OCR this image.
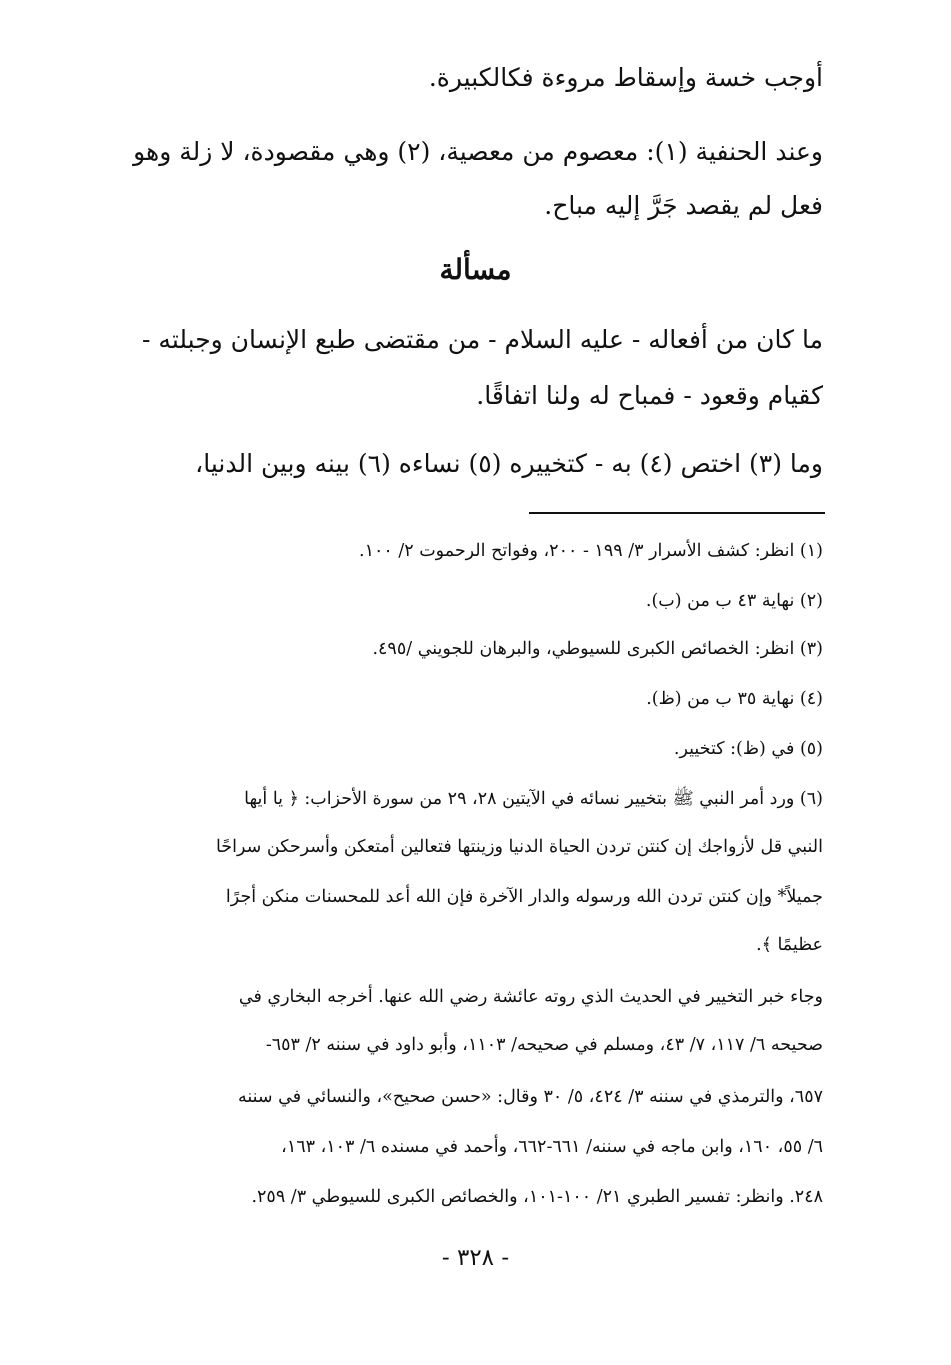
أوجب خسة وإسقاط مروءة فكالكبيرة.
وعند الحنفية (١): معصوم من معصية، (٢) وهي مقصودة، لا زلة وهو
فعل لم يقصد جَرَّ إليه مباح.
مسألة
ما كان من أفعاله - عليه السلام - من مقتضى طبع الإنسان وجبلته -
كقيام وقعود - فمباح له ولنا اتفاقًا.
وما (٣) اختص (٤) به - كتخييره (٥) نساءه (٦) بينه وبين الدنيا،
(١) انظر: كشف الأسرار ٣/ ١٩٩ - ٢٠٠، وفواتح الرحموت ٢/ ١٠٠.
(٢) نهاية ٤٣ ب من (ب).
(٣) انظر: الخصائص الكبرى للسيوطي، والبرهان للجويني /٤٩٥.
(٤) نهاية ٣٥ ب من (ظ).
(٥) في (ظ): كتخيير.
(٦) ورد أمر النبي ﷺ بتخيير نسائه في الآيتين ٢٨، ٢٩ من سورة الأحزاب: ﴿ يا أيها
النبي قل لأزواجك إن كنتن تردن الحياة الدنيا وزينتها فتعالين أمتعكن وأسرحكن سراحًا
جميلاً* وإن كنتن تردن الله ورسوله والدار الآخرة فإن الله أعد للمحسنات منكن أجرًا
عظيمًا ﴾.
وجاء خبر التخيير في الحديث الذي روته عائشة رضي الله عنها. أخرجه البخاري في
صحيحه ٦/ ١١٧، ٧/ ٤٣، ومسلم في صحيحه/ ١١٠٣، وأبو داود في سننه ٢/ ٦٥٣-
٦٥٧، والترمذي في سننه ٣/ ٤٢٤، ٥/ ٣٠ وقال: «حسن صحيح»، والنسائي في سننه
٦/ ٥٥، ١٦٠، وابن ماجه في سننه/ ٦٦١-٦٦٢، وأحمد في مسنده ٦/ ١٠٣، ١٦٣،
٢٤٨. وانظر: تفسير الطبري ٢١/ ١٠٠-١٠١، والخصائص الكبرى للسيوطي ٣/ ٢٥٩.
- ٣٢٨ -
